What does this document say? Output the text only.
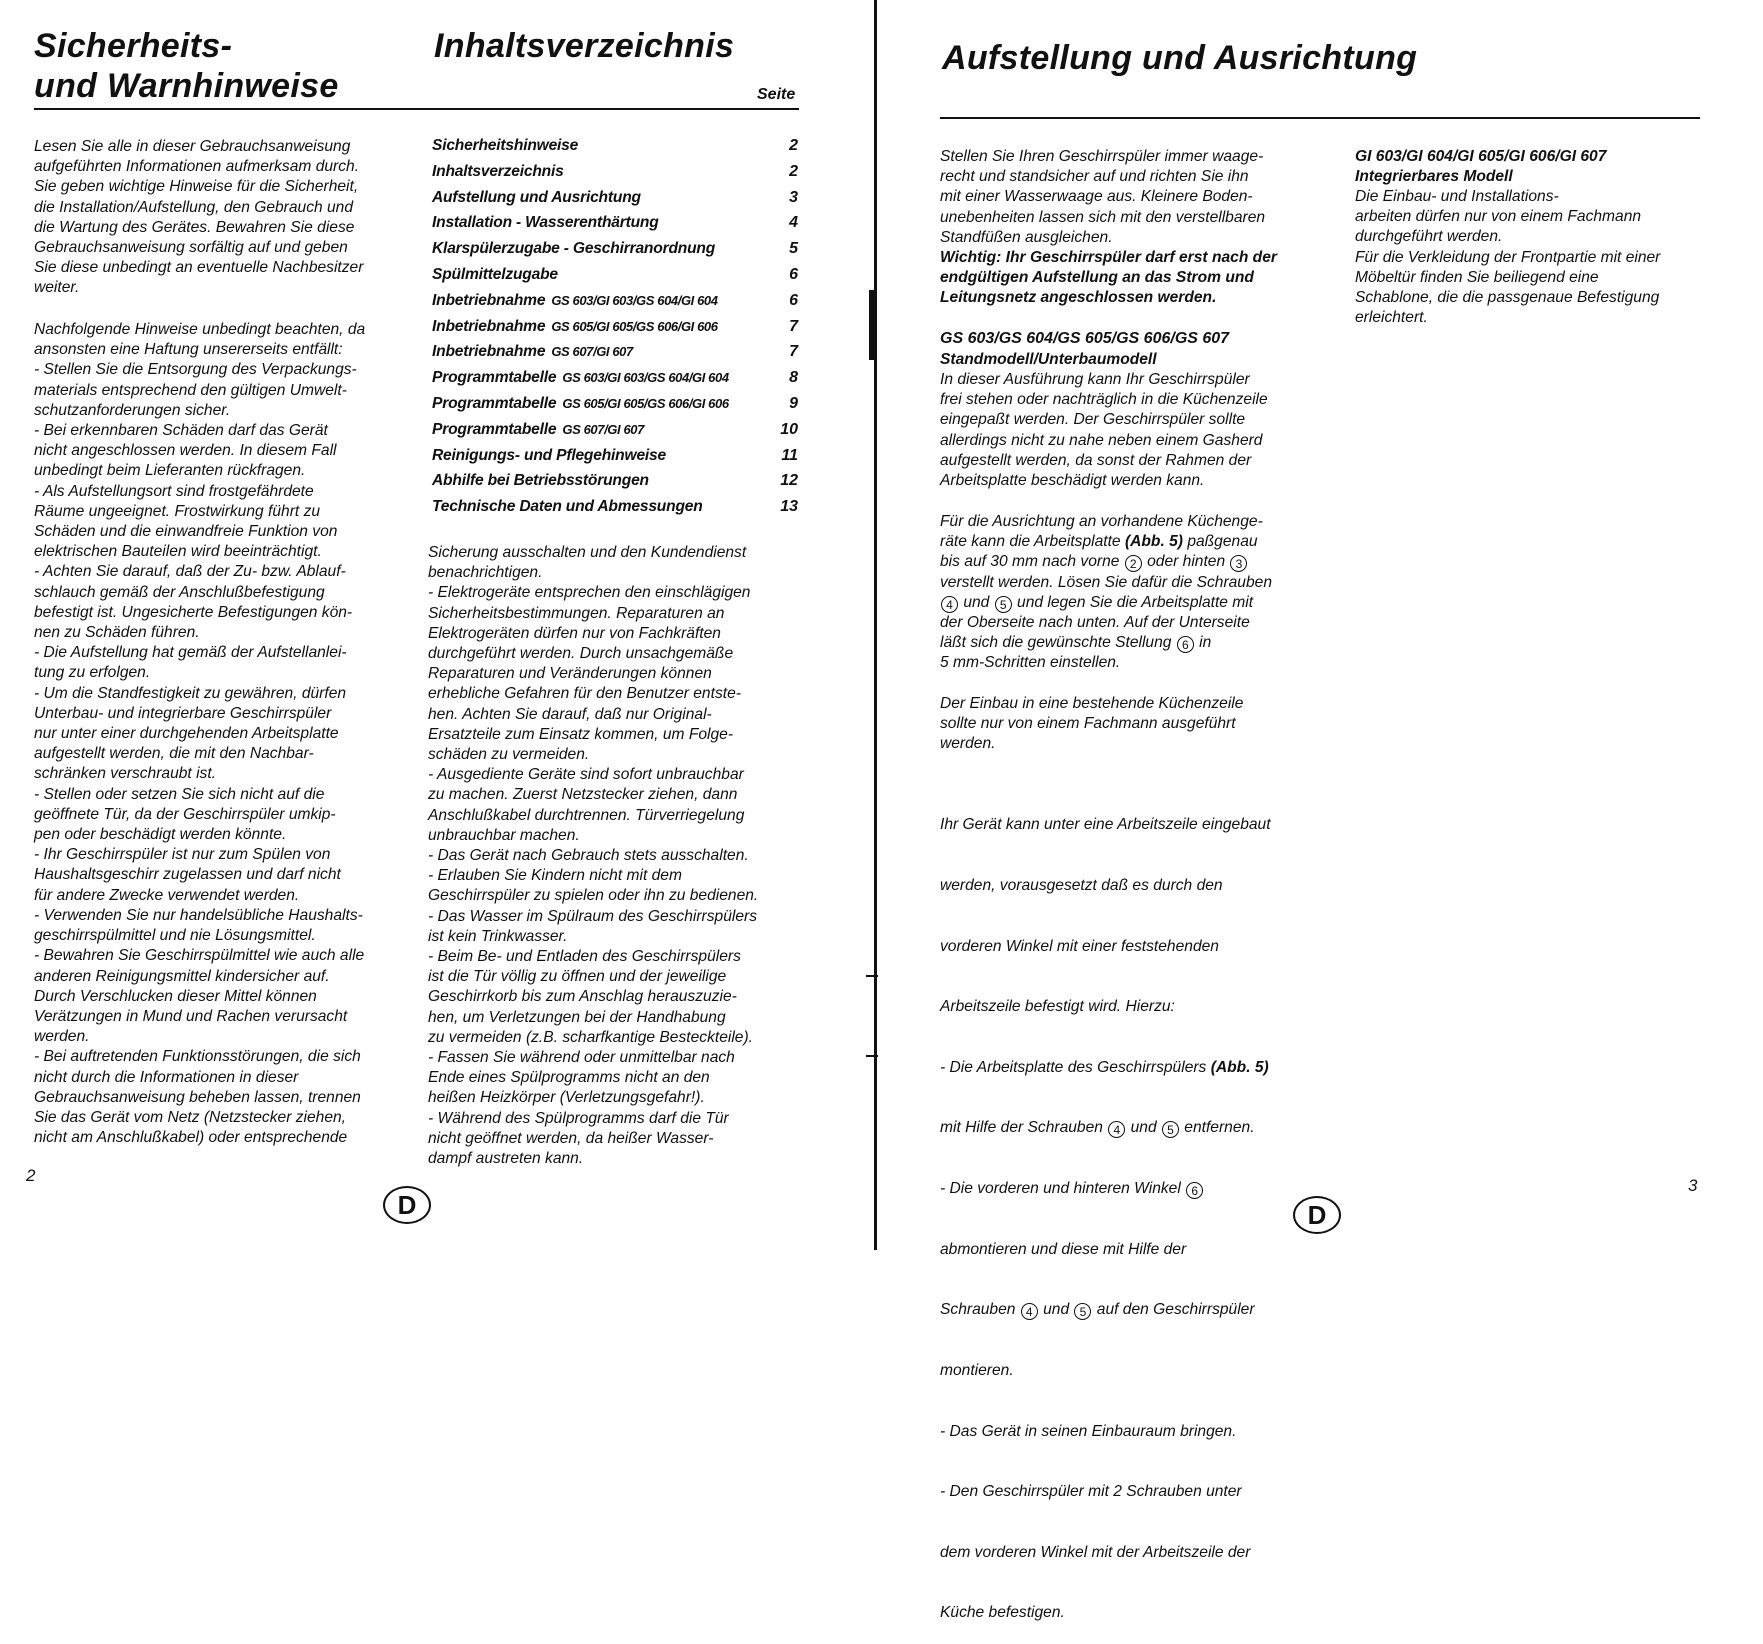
Sicherheits-
und Warnhinweise
Lesen Sie alle in dieser Gebrauchsanweisung
aufgeführten Informationen aufmerksam durch.
Sie geben wichtige Hinweise für die Sicherheit,
die Installation/Aufstellung, den Gebrauch und
die Wartung des Gerätes. Bewahren Sie diese
Gebrauchsanweisung sorfältig auf und geben
Sie diese unbedingt an eventuelle Nachbesitzer
weiter.
Nachfolgende Hinweise unbedingt beachten, da
ansonsten eine Haftung unsererseits entfällt:
- Stellen Sie die Entsorgung des Verpackungs-
materials entsprechend den gültigen Umwelt-
schutzanforderungen sicher.
- Bei erkennbaren Schäden darf das Gerät
nicht angeschlossen werden. In diesem Fall
unbedingt beim Lieferanten rückfragen.
- Als Aufstellungsort sind frostgefährdete
Räume ungeeignet. Frostwirkung führt zu
Schäden und die einwandfreie Funktion von
elektrischen Bauteilen wird beeinträchtigt.
- Achten Sie darauf, daß der Zu- bzw. Ablauf-
schlauch gemäß der Anschlußbefestigung
befestigt ist. Ungesicherte Befestigungen kön-
nen zu Schäden führen.
- Die Aufstellung hat gemäß der Aufstellanlei-
tung zu erfolgen.
- Um die Standfestigkeit zu gewähren, dürfen
Unterbau- und integrierbare Geschirrspüler
nur unter einer durchgehenden Arbeitsplatte
aufgestellt werden, die mit den Nachbar-
schränken verschraubt ist.
- Stellen oder setzen Sie sich nicht auf die
geöffnete Tür, da der Geschirrspüler umkip-
pen oder beschädigt werden könnte.
- Ihr Geschirrspüler ist nur zum Spülen von
Haushaltsgeschirr zugelassen und darf nicht
für andere Zwecke verwendet werden.
- Verwenden Sie nur handelsübliche Haushalts-
geschirrspülmittel und nie Lösungsmittel.
- Bewahren Sie Geschirrspülmittel wie auch alle
anderen Reinigungsmittel kindersicher auf.
Durch Verschlucken dieser Mittel können
Verätzungen in Mund und Rachen verursacht
werden.
- Bei auftretenden Funktionsstörungen, die sich
nicht durch die Informationen in dieser
Gebrauchsanweisung beheben lassen, trennen
Sie das Gerät vom Netz (Netzstecker ziehen,
nicht am Anschlußkabel) oder entsprechende
2
D
Inhaltsverzeichnis
Seite
Sicherheitshinweise	2
Inhaltsverzeichnis	2
Aufstellung und Ausrichtung	3
Installation - Wasserenthärtung	4
Klarspülerzugabe - Geschirranordnung	5
Spülmittelzugabe	6
Inbetriebnahme GS 603/GI 603/GS 604/GI 604	6
Inbetriebnahme GS 605/GI 605/GS 606/GI 606	7
Inbetriebnahme GS 607/GI 607	7
Programmtabelle GS 603/GI 603/GS 604/GI 604	8
Programmtabelle GS 605/GI 605/GS 606/GI 606	9
Programmtabelle GS 607/GI 607	10
Reinigungs- und Pflegehinweise	11
Abhilfe bei Betriebsstörungen	12
Technische Daten und Abmessungen	13
Sicherung ausschalten und den Kundendienst
benachrichtigen.
- Elektrogeräte entsprechen den einschlägigen
Sicherheitsbestimmungen. Reparaturen an
Elektrogeräten dürfen nur von Fachkräften
durchgeführt werden. Durch unsachgemäße
Reparaturen und Veränderungen können
erhebliche Gefahren für den Benutzer entste-
hen. Achten Sie darauf, daß nur Original-
Ersatzteile zum Einsatz kommen, um Folge-
schäden zu vermeiden.
- Ausgediente Geräte sind sofort unbrauchbar
zu machen. Zuerst Netzstecker ziehen, dann
Anschlußkabel durchtrennen. Türverriegelung
unbrauchbar machen.
- Das Gerät nach Gebrauch stets ausschalten.
- Erlauben Sie Kindern nicht mit dem
Geschirrspüler zu spielen oder ihn zu bedienen.
- Das Wasser im Spülraum des Geschirrspülers
ist kein Trinkwasser.
- Beim Be- und Entladen des Geschirrspülers
ist die Tür völlig zu öffnen und der jeweilige
Geschirrkorb bis zum Anschlag herauszuzie-
hen, um Verletzungen bei der Handhabung
zu vermeiden (z.B. scharfkantige Besteckteile).
- Fassen Sie während oder unmittelbar nach
Ende eines Spülprogramms nicht an den
heißen Heizkörper (Verletzungsgefahr!).
- Während des Spülprogramms darf die Tür
nicht geöffnet werden, da heißer Wasser-
dampf austreten kann.
Aufstellung und Ausrichtung
Stellen Sie Ihren Geschirrspüler immer waage-
recht und standsicher auf und richten Sie ihn
mit einer Wasserwaage aus. Kleinere Boden-
unebenheiten lassen sich mit den verstellbaren
Standfüßen ausgleichen.
Wichtig: Ihr Geschirrspüler darf erst nach der
endgültigen Aufstellung an das Strom und
Leitungsnetz angeschlossen werden.
GS 603/GS 604/GS 605/GS 606/GS 607
Standmodell/Unterbaumodell
In dieser Ausführung kann Ihr Geschirrspüler
frei stehen oder nachträglich in die Küchenzeile
eingepaßt werden. Der Geschirrspüler sollte
allerdings nicht zu nahe neben einem Gasherd
aufgestellt werden, da sonst der Rahmen der
Arbeitsplatte beschädigt werden kann.
Für die Ausrichtung an vorhandene Küchenge-
räte kann die Arbeitsplatte (Abb. 5) paßgenau
bis auf 30 mm nach vorne 2 oder hinten 3
verstellt werden. Lösen Sie dafür die Schrauben
4 und 5 und legen Sie die Arbeitsplatte mit
der Oberseite nach unten. Auf der Unterseite
läßt sich die gewünschte Stellung 6 in
5 mm-Schritten einstellen.
Der Einbau in eine bestehende Küchenzeile
sollte nur von einem Fachmann ausgeführt
werden.

Ihr Gerät kann unter eine Arbeitszeile eingebaut

werden, vorausgesetzt daß es durch den

vorderen Winkel mit einer feststehenden

Arbeitszeile befestigt wird. Hierzu:

- Die Arbeitsplatte des Geschirrspülers (Abb. 5)

mit Hilfe der Schrauben 4 und 5 entfernen.

- Die vorderen und hinteren Winkel 6

abmontieren und diese mit Hilfe der

Schrauben 4 und 5 auf den Geschirrspüler

montieren.

- Das Gerät in seinen Einbauraum bringen.

- Den Geschirrspüler mit 2 Schrauben unter

dem vorderen Winkel mit der Arbeitszeile der

Küche befestigen.

GI 603/GI 604/GI 605/GI 606/GI 607
Integrierbares Modell
Die Einbau- und Installations-
arbeiten dürfen nur von einem Fachmann
durchgeführt werden.
Für die Verkleidung der Frontpartie mit einer
Möbeltür finden Sie beiliegend eine
Schablone, die die passgenaue Befestigung
erleichtert.
3
D
